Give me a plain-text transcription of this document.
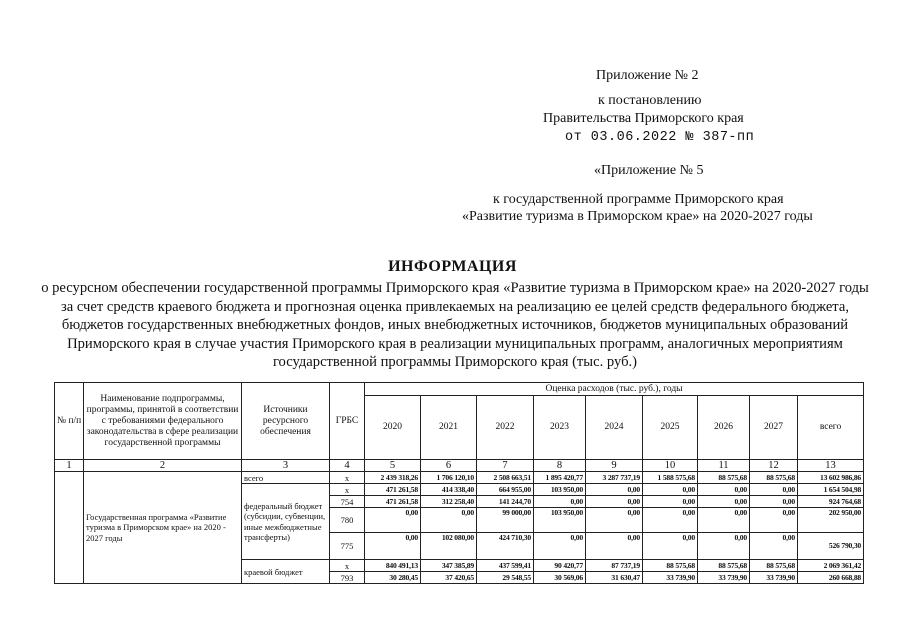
Приложение № 2
к постановлению
Правительства Приморского края
от 03.06.2022 № 387-пп
«Приложение № 5
к государственной программе Приморского края
«Развитие туризма в Приморском крае» на 2020-2027 годы
ИНФОРМАЦИЯ
о ресурсном обеспечении государственной программы Приморского края «Развитие туризма в Приморском крае» на 2020-2027 годы за счет средств краевого бюджета и прогнозная оценка привлекаемых на реализацию ее целей средств федерального бюджета, бюджетов государственных внебюджетных фондов, иных внебюджетных источников, бюджетов муниципальных образований Приморского края в случае участия Приморского края в реализации муниципальных программ, аналогичных мероприятиям государственной программы Приморского края (тыс. руб.)
№ п/п	Наименование подпрограммы, программы, принятой в соответствии с требованиями федерального законодательства в сфере реализации государственной программы	Источники ресурсного обеспечения	ГРБС	Оценка расходов (тыс. руб.), годы								
				2020	2021	2022	2023	2024	2025	2026	2027	всего
1	2	3	4	5	6	7	8	9	10	11	12	13
	Государственная программа «Развитие туризма в Приморском крае» на 2020 - 2027 годы	всего	х	2 439 318,26	1 706 120,10	2 508 663,51	1 895 420,77	3 287 737,19	1 588 575,68	88 575,68	88 575,68	13 602 986,86
		федеральный бюджет (субсидии, субвенции, иные межбюджетные трансферты)	х	471 261,58	414 338,40	664 955,00	103 950,00	0,00	0,00	0,00	0,00	1 654 504,98
			754	471 261,58	312 258,40	141 244,70	0,00	0,00	0,00	0,00	0,00	924 764,68
			780	0,00	0,00	99 000,00	103 950,00	0,00	0,00	0,00	0,00	202 950,00
			775	0,00	102 080,00	424 710,30	0,00	0,00	0,00	0,00	0,00	526 790,30
		краевой бюджет	х	840 491,13	347 385,89	437 599,41	90 420,77	87 737,19	88 575,68	88 575,68	88 575,68	2 069 361,42
			793	30 280,45	37 420,65	29 548,55	30 569,06	31 630,47	33 739,90	33 739,90	33 739,90	260 668,88
